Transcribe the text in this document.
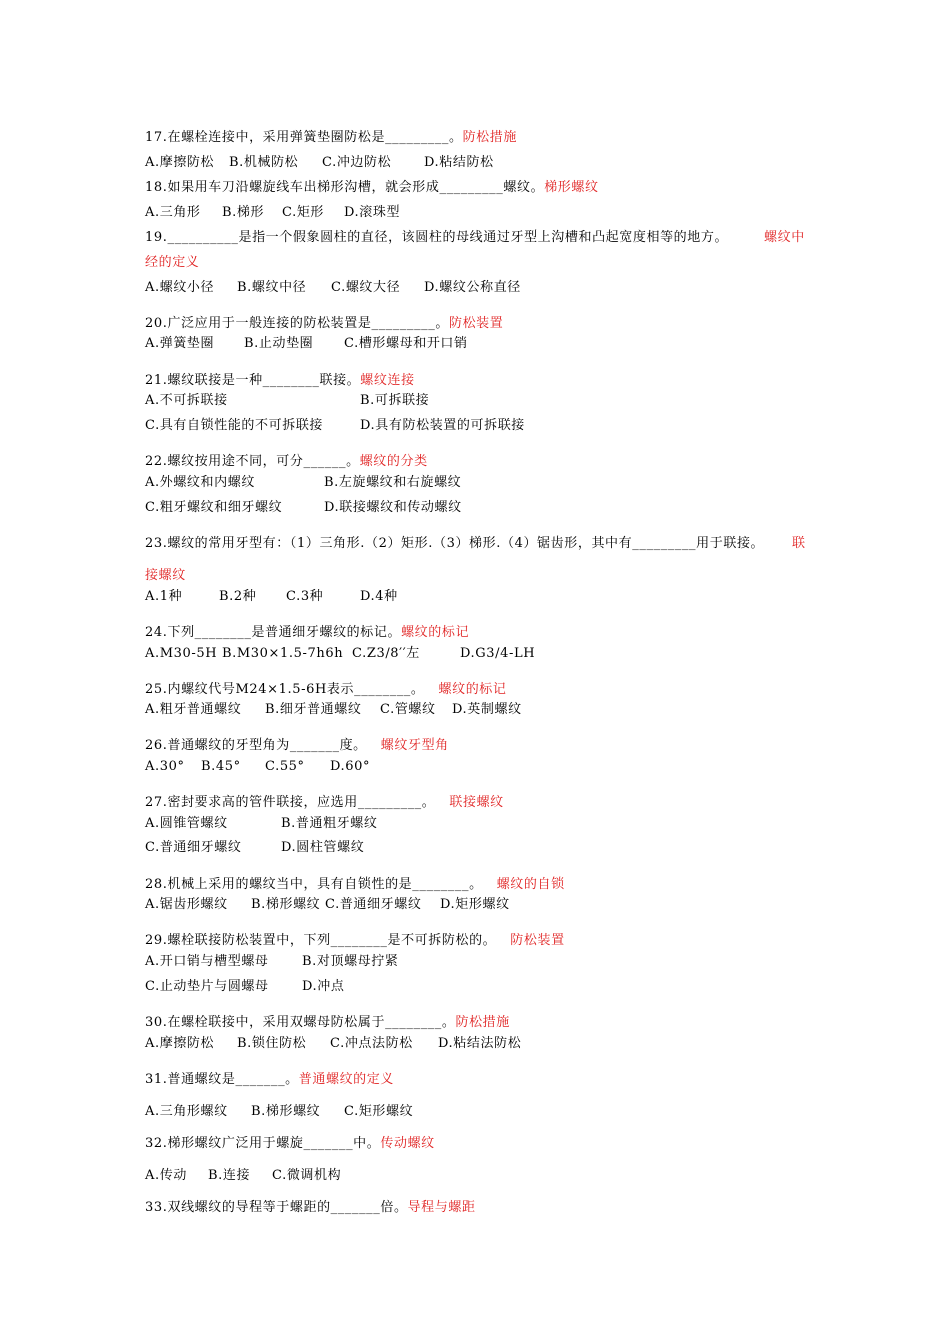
17.在螺栓连接中，采用弹簧垫圈防松是_________。防松措施
A.摩擦防松 B.机械防松 C.冲边防松	D.粘结防松
18.如果用车刀沿螺旋线车出梯形沟槽，就会形成_________螺纹。梯形螺纹
A.三角形 B.梯形 C.矩形 D.滚珠型
19.__________是指一个假象圆柱的直径，该圆柱的母线通过牙型上沟槽和凸起宽度相等的地方。	螺纹中
经的定义
A.螺纹小径 B.螺纹中径 C.螺纹大径 D.螺纹公称直径
20.广泛应用于一般连接的防松装置是_________。防松装置
A.弹簧垫圈 B.止动垫圈 C.槽形螺母和开口销
21.螺纹联接是一种________联接。螺纹连接
A.不可拆联接	B.可拆联接
C.具有自锁性能的不可拆联接	D.具有防松装置的可拆联接
22.螺纹按用途不同，可分______。螺纹的分类
A.外螺纹和内螺纹	B.左旋螺纹和右旋螺纹
C.粗牙螺纹和细牙螺纹	D.联接螺纹和传动螺纹
23.螺纹的常用牙型有：（1）三角形.（2）矩形.（3）梯形.（4）锯齿形，其中有_________用于联接。 联
接螺纹
A.1种	B.2种 C.3种	D.4种
24.下列________是普通细牙螺纹的标记。螺纹的标记
A.M30-5H B.M30×1.5-7h6h C.Z3/8′′左	D.G3/4-LH
25.内螺纹代号M24×1.5-6H表示________。 螺纹的标记
A.粗牙普通螺纹 B.细牙普通螺纹 C.管螺纹 D.英制螺纹
26.普通螺纹的牙型角为_______度。 螺纹牙型角
A.30° B.45° C.55° D.60°
27.密封要求高的管件联接，应选用_________。 联接螺纹
A.圆锥管螺纹	B.普通粗牙螺纹
C.普通细牙螺纹	D.圆柱管螺纹
28.机械上采用的螺纹当中，具有自锁性的是________。 螺纹的自锁
A.锯齿形螺纹 B.梯形螺纹 C.普通细牙螺纹 D.矩形螺纹
29.螺栓联接防松装置中，下列________是不可拆防松的。 防松装置
A.开口销与槽型螺母	B.对顶螺母拧紧
C.止动垫片与圆螺母	D.冲点
30.在螺栓联接中，采用双螺母防松属于________。防松措施
A.摩擦防松 B.锁住防松 C.冲点法防松 D.粘结法防松
31.普通螺纹是_______。普通螺纹的定义
A.三角形螺纹 B.梯形螺纹 C.矩形螺纹
32.梯形螺纹广泛用于螺旋_______中。传动螺纹
A.传动 B.连接 C.微调机构
33.双线螺纹的导程等于螺距的_______倍。导程与螺距
